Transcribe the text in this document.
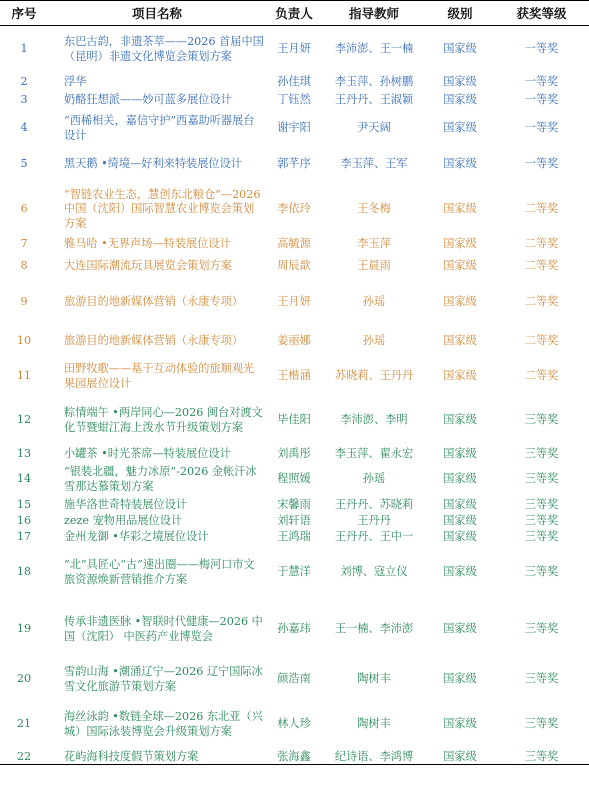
序号	项目名称	负责人	指导教师	级别	获奖等级
1	东巴古韵，非遗茶萃——2026 首届中国（昆明）非遗文化博览会策划方案	王月妍	李沛澎、王一楠	国家级	一等奖
2	浮华	孙佳琪	李玉萍、孙树鹏	国家级	一等奖
3	奶酪狂想派——妙可蓝多展位设计	丁钰然	王丹丹、王淑颖	国家级	一等奖
4	“西稀相关，嘉信守护”西嘉助听器展台设计	谢宇阳	尹天阔	国家级	一等奖
5	黑天鹅 •绮境—好利来特装展位设计	郭芊序	李玉萍、王军	国家级	一等奖
6	“智链农业生态，慧创东北粮仓”—2026 中国（沈阳）国际智慧农业博览会策划方案	李依玲	王冬梅	国家级	二等奖
7	雅马哈 •无界声场—特装展位设计	高毓源	李玉萍	国家级	二等奖
8	大连国际潮流玩具展览会策划方案	周辰歆	王晨雨	国家级	二等奖
9	旅游目的地新媒体营销（永康专项）	王月妍	孙瑶	国家级	二等奖
10	旅游目的地新媒体营销（永康专项）	姜丽娜	孙瑶	国家级	二等奖
11	田野牧歌——基于互动体验的旅顺观光果园展位设计	王楷涵	苏晓莉、王丹丹	国家级	二等奖
12	粽情端午 •两岸同心—2026 闽台对渡文化节暨蚶江海上泼水节升级策划方案	毕佳阳	李沛澎、李明	国家级	三等奖
13	小罐茶 •时光茶席—特装展位设计	刘禹彤	李玉萍、翟永宏	国家级	三等奖
14	“银装北疆，魅力冰原”-2026 金帐汗冰雪那达慕策划方案	程照媛	孙瑶	国家级	三等奖
15	施华洛世奇特装展位设计	宋馨雨	王丹丹、苏晓莉	国家级	三等奖
16	zeze 宠物用品展位设计	刘轩语	王丹丹	国家级	三等奖
17	金州龙御 •华彩之境展位设计	王鸿瑞	王丹丹、王中一	国家级	三等奖
18	“北”具匠心“古”速出圈——梅河口市文旅资源焕新营销推介方案	于慧洋	刘博、寇立仪	国家级	三等奖
19	传承非遗医脉 •智联时代健康—2026 中国（沈阳） 中医药产业博览会	孙嘉玮	王一楠、李沛澎	国家级	三等奖
20	雪韵山海 •潮涌辽宁—2026 辽宁国际冰雪文化旅游节策划方案	颜浩南	陶树丰	国家级	三等奖
21	海丝泳韵 •数链全球—2026 东北亚（兴城）国际泳装博览会升级策划方案	林人珍	陶树丰	国家级	三等奖
22	花屿海科技度假节策划方案	张海鑫	纪诗语、李鸿博	国家级	三等奖
